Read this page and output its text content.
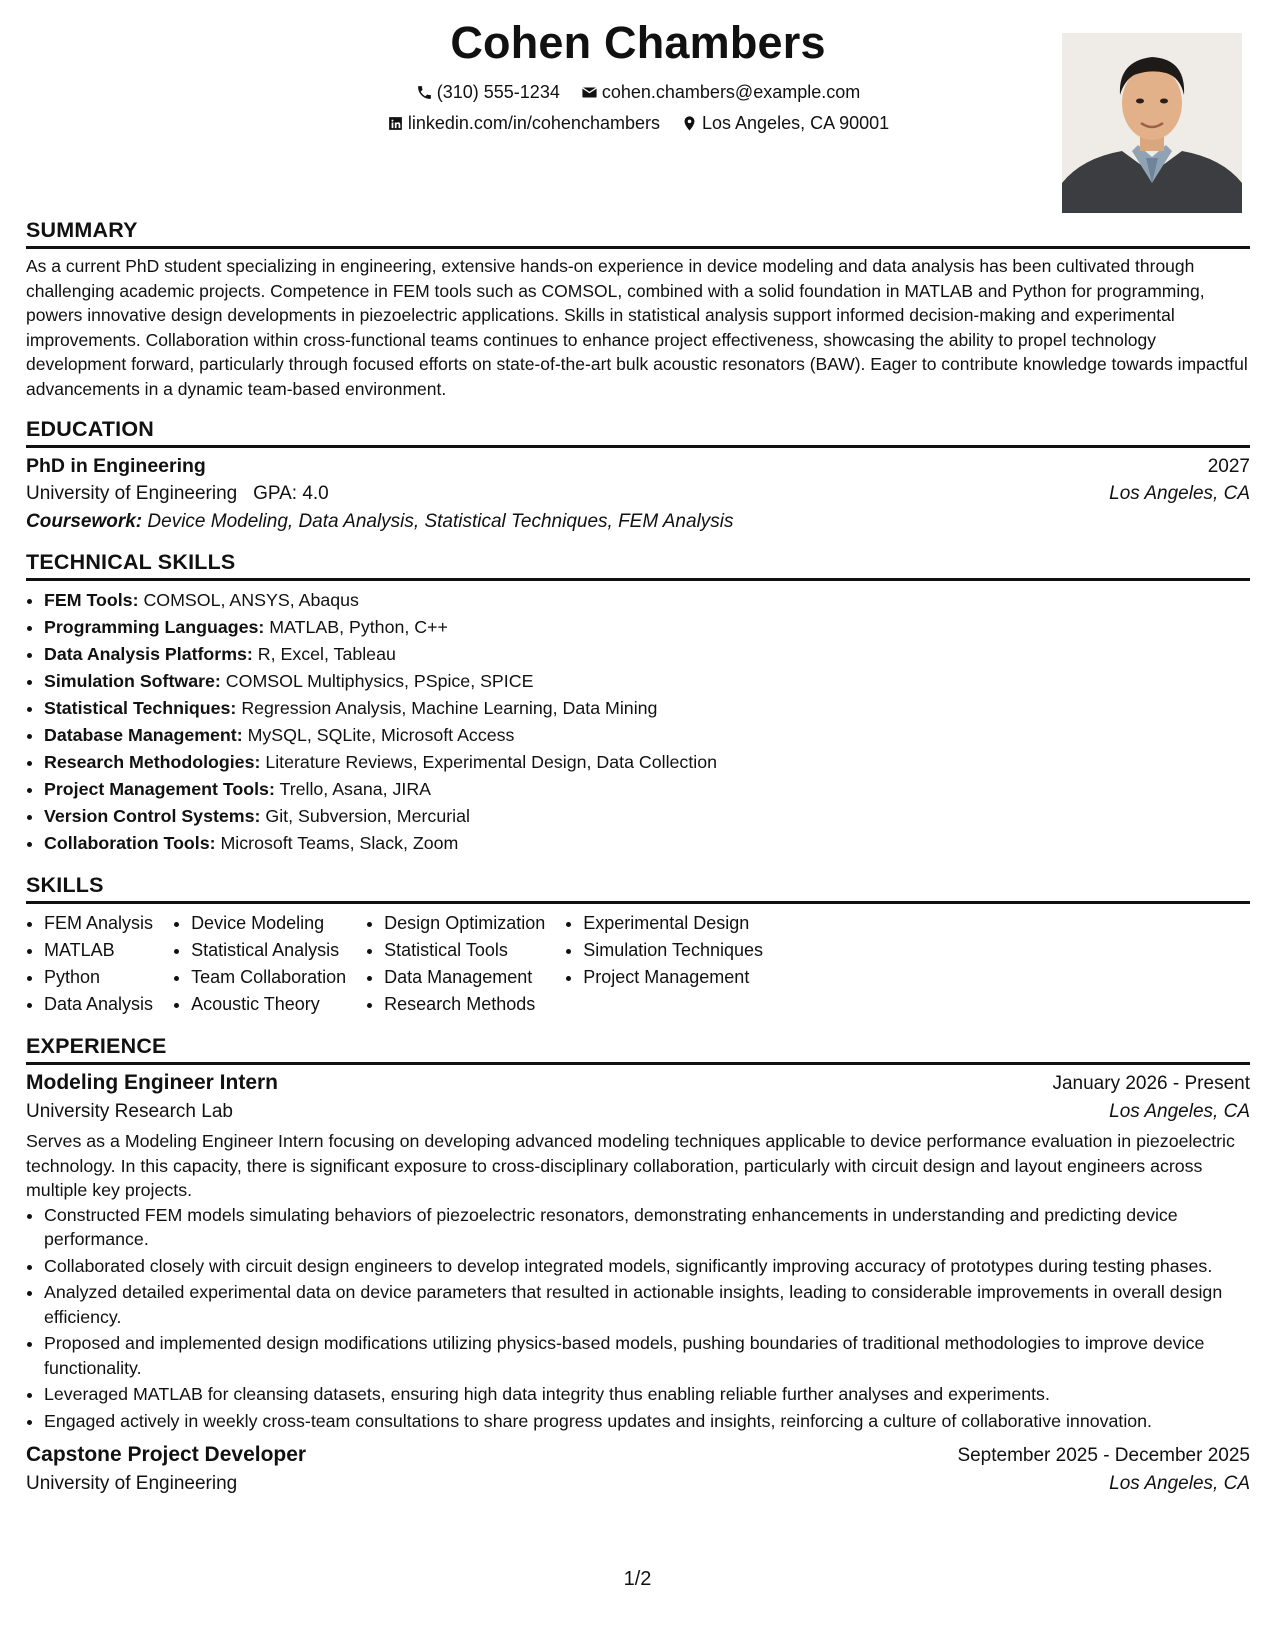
Cohen Chambers
(310) 555-1234
cohen.chambers@example.com
linkedin.com/in/cohenchambers
Los Angeles, CA 90001
SUMMARY

As a current PhD student specializing in engineering, extensive hands-on experience in device modeling and data analysis has been cultivated through challenging academic projects. Competence in FEM tools such as COMSOL, combined with a solid foundation in MATLAB and Python for programming, powers innovative design developments in piezoelectric applications. Skills in statistical analysis support informed decision-making and experimental improvements. Collaboration within cross-functional teams continues to enhance project effectiveness, showcasing the ability to propel technology development forward, particularly through focused efforts on state-of-the-art bulk acoustic resonators (BAW). Eager to contribute knowledge towards impactful advancements in a dynamic team-based environment.

EDUCATION
PhD in Engineering	2027
University of Engineering GPA: 4.0	Los Angeles, CA
Coursework: Device Modeling, Data Analysis, Statistical Techniques, FEM Analysis
TECHNICAL SKILLS
• FEM Tools: COMSOL, ANSYS, Abaqus
• Programming Languages: MATLAB, Python, C++
• Data Analysis Platforms: R, Excel, Tableau
• Simulation Software: COMSOL Multiphysics, PSpice, SPICE
• Statistical Techniques: Regression Analysis, Machine Learning, Data Mining
• Database Management: MySQL, SQLite, Microsoft Access
• Research Methodologies: Literature Reviews, Experimental Design, Data Collection
• Project Management Tools: Trello, Asana, JIRA
• Version Control Systems: Git, Subversion, Mercurial
• Collaboration Tools: Microsoft Teams, Slack, Zoom
SKILLS
• FEM Analysis
• MATLAB
• Python
• Data Analysis
• Device Modeling
• Statistical Analysis
• Team Collaboration
• Acoustic Theory
• Design Optimization
• Statistical Tools
• Data Management
• Research Methods
• Experimental Design
• Simulation Techniques
• Project Management
EXPERIENCE
Modeling Engineer Intern	January 2026 - Present
University Research Lab	Los Angeles, CA

Serves as a Modeling Engineer Intern focusing on developing advanced modeling techniques applicable to device performance evaluation in piezoelectric technology. In this capacity, there is significant exposure to cross-disciplinary collaboration, particularly with circuit design and layout engineers across multiple key projects.

• Constructed FEM models simulating behaviors of piezoelectric resonators, demonstrating enhancements in understanding and predicting device performance.
• Collaborated closely with circuit design engineers to develop integrated models, significantly improving accuracy of prototypes during testing phases.
• Analyzed detailed experimental data on device parameters that resulted in actionable insights, leading to considerable improvements in overall design efficiency.
• Proposed and implemented design modifications utilizing physics-based models, pushing boundaries of traditional methodologies to improve device functionality.
• Leveraged MATLAB for cleansing datasets, ensuring high data integrity thus enabling reliable further analyses and experiments.
• Engaged actively in weekly cross-team consultations to share progress updates and insights, reinforcing a culture of collaborative innovation.
Capstone Project Developer	September 2025 - December 2025
University of Engineering	Los Angeles, CA
1/2
